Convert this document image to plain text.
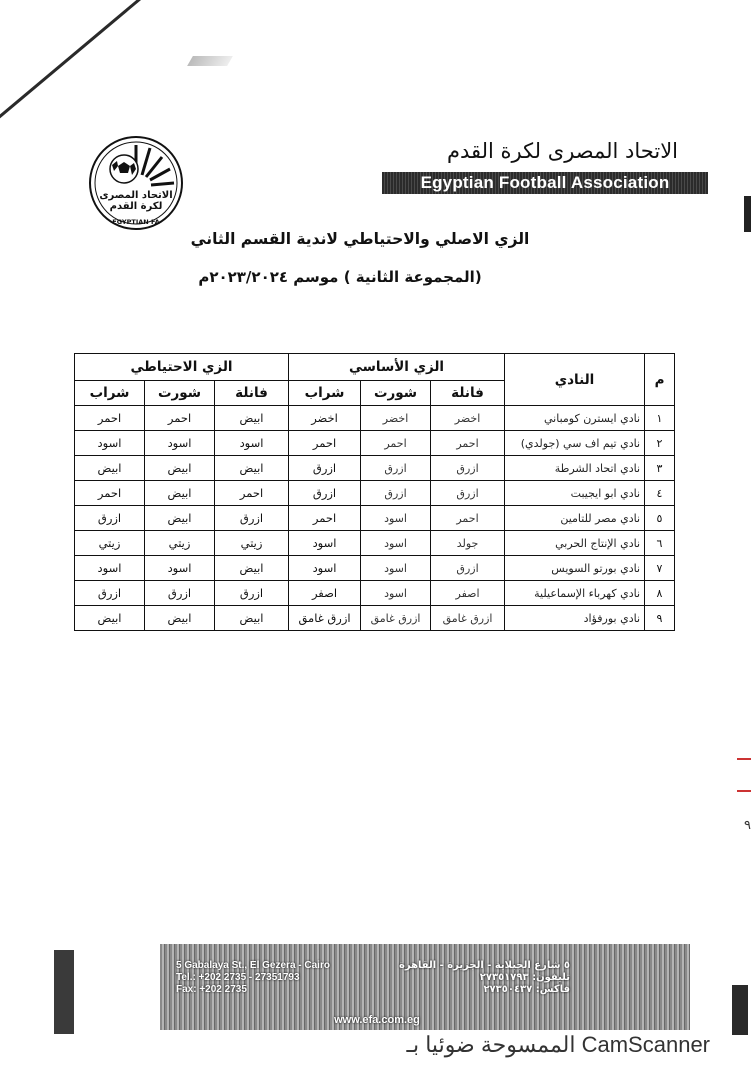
٩
الاتحاد المصرى لكرة القدم
EGYPTIAN FA
الاتحاد المصرى لكرة القدم
Egyptian Football Association
الزي الاصلي والاحتياطي لاندية القسم الثاني
(المجموعة الثانية ) موسم ٢٠٢٣/٢٠٢٤م
م	النادي	الزي الأساسي			الزي الاحتياطي		
		فانلة	شورت	شراب	فانلة	شورت	شراب
١	نادي ايسترن كومباني	اخضر	اخضر	اخضر	ابيض	احمر	احمر
٢	نادي تيم اف سي (جولدي)	احمر	احمر	احمر	اسود	اسود	اسود
٣	نادي اتحاد الشرطة	ازرق	ازرق	ازرق	ابيض	ابيض	ابيض
٤	نادي ابو ايجيبت	ازرق	ازرق	ازرق	احمر	ابيض	احمر
٥	نادي مصر للتامين	احمر	اسود	احمر	ازرق	ابيض	ازرق
٦	نادي الإنتاج الحربي	جولد	اسود	اسود	زيتي	زيتي	زيتي
٧	نادي بورتو السويس	ازرق	اسود	اسود	ابيض	اسود	اسود
٨	نادي كهرباء الإسماعيلية	اصفر	اسود	اصفر	ازرق	ازرق	ازرق
٩	نادي بورفؤاد	ازرق غامق	ازرق غامق	ازرق غامق	ابيض	ابيض	ابيض
5 Gabalaya St., El Gezera - Cairo
Tel.: +202 2735 - 27351793
Fax: +202 2735
٥ شارع الجبلاية - الجزيرة - القاهرة
تليفون: ٢٧٣٥١٧٩٣
فاكس: ٢٧٣٥٠٤٣٧
www.efa.com.eg
CamScanner الممسوحة ضوئيا بـ
